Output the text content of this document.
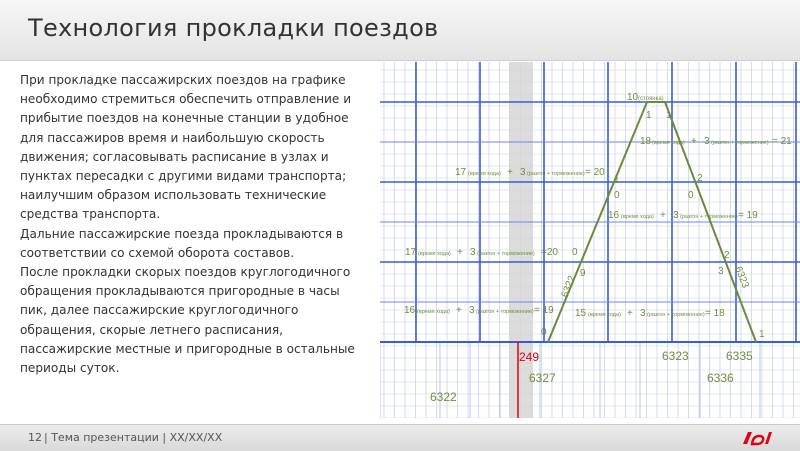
Технология прокладки поездов

При прокладке пассажирских поездов на графике

необходимо стремиться обеспечить отправление и

прибытие поездов на конечные станции в удобное

для пассажиров время и наибольшую скорость

движения; согласовывать расписание в узлах и

пунктах пересадки с другими видами транспорта;

наилучшим образом использовать технические

средства транспорта.

Дальние пассажирские поезда прокладываются в

соответствии со схемой оборота составов.

После прокладки скорых поездов круглогодичного

обращения прокладываются пригородные в часы

пик, далее пассажирские круглогодичного

обращения, скорые летнего расписания,

пассажирские местные и пригородные в остальные

периоды суток.

10 (стоянка)
1 1
18 (время хода) + 3 (разгон + торможение) = 21
17 (время хода) + 3 (разгон + торможение) = 20
1	2
0	0
16 (время хода) + 3 (разгон + торможение) = 19
17 (время хода) + 3 (разгон + торможение) =20 0	2
9	3
6322	6323
16 (время хода) + 3 (разгон + торможение) = 19 15 (время хода) + 3 (разгон + торможение) = 18
0	1
249
6327
6323	6335
6336
6322
12 | Тема презентации | XX/XX/XX
